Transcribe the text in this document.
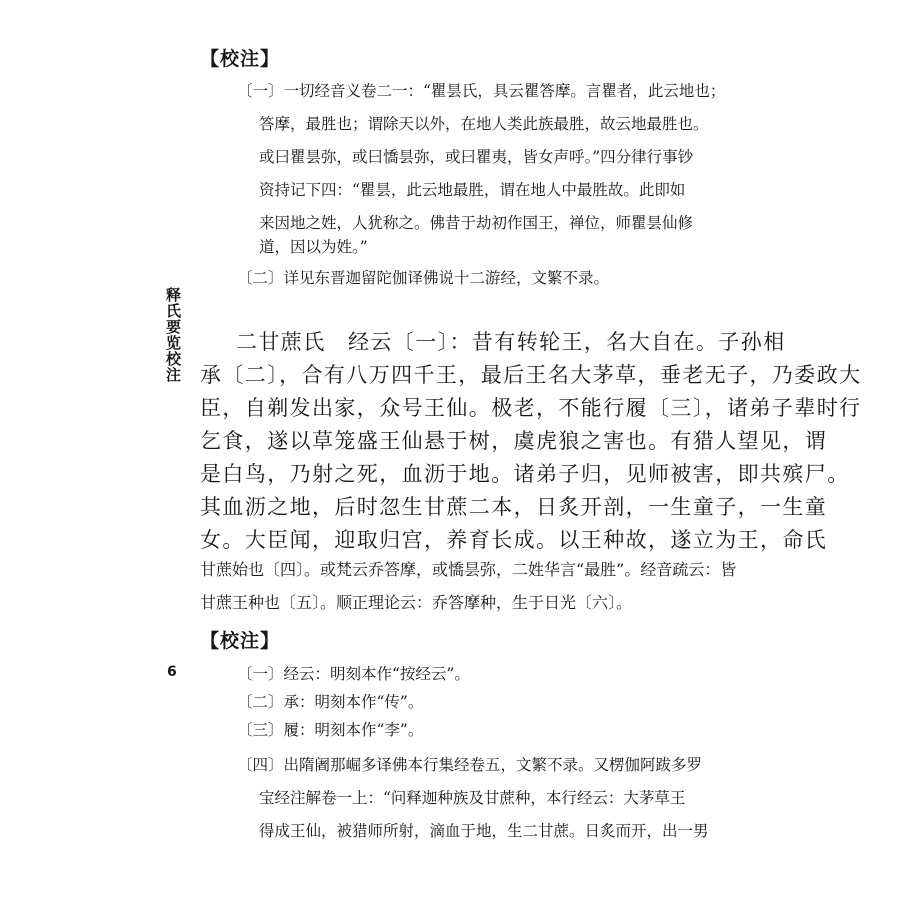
【校注】
〔一〕一切经音义卷二一：“瞿昙氏，具云瞿答摩。言瞿者，此云地也；
答摩，最胜也；谓除天以外，在地人类此族最胜，故云地最胜也。
或曰瞿昙弥，或曰憍昙弥，或曰瞿夷，皆女声呼。”四分律行事钞
资持记下四：“瞿昙，此云地最胜，谓在地人中最胜故。此即如
来因地之姓，人犹称之。佛昔于劫初作国王，禅位，师瞿昙仙修
道，因以为姓。”
〔二〕详见东晋迦留陀伽译佛说十二游经，文繁不录。
释氏要览校注	二甘蔗氏　经云〔一〕：昔有转轮王，名大自在。子孙相
承〔二〕，合有八万四千王，最后王名大茅草，垂老无子，乃委政大
臣，自剃发出家，众号王仙。极老，不能行履〔三〕，诸弟子辈时行
乞食，遂以草笼盛王仙悬于树，虞虎狼之害也。有猎人望见，谓
是白鸟，乃射之死，血沥于地。诸弟子归，见师被害，即共殡尸。
其血沥之地，后时忽生甘蔗二本，日炙开剖，一生童子，一生童
女。大臣闻，迎取归宫，养育长成。以王种故，遂立为王，命氏
甘蔗始也〔四〕。或梵云乔答摩，或憍昙弥，二姓华言“最胜”。经音疏云：皆
甘蔗王种也〔五〕。顺正理论云：乔答摩种，生于日光〔六〕。
【校注】
6	〔一〕经云：明刻本作“按经云”。
〔二〕承：明刻本作“传”。
〔三〕履：明刻本作“李”。
〔四〕出隋阇那崛多译佛本行集经卷五，文繁不录。又楞伽阿跋多罗
宝经注解卷一上：“问释迦种族及甘蔗种，本行经云：大茅草王
得成王仙，被猎师所射，滴血于地，生二甘蔗。日炙而开，出一男
